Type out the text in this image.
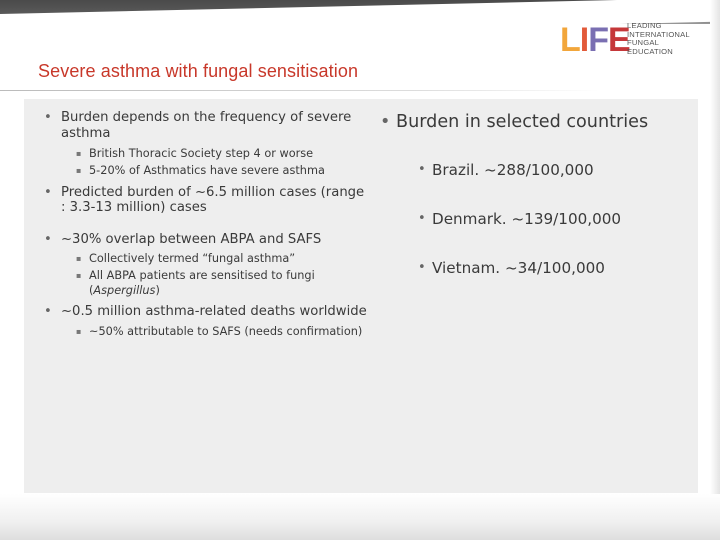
LIFE
LEADING
INTERNATIONAL
FUNGAL
EDUCATION
Severe asthma with fungal sensitisation
• Burden depends on the frequency of severe asthma
▪ British Thoracic Society step 4 or worse
▪ 5-20% of Asthmatics have severe asthma
• Predicted burden of ~6.5 million cases (range : 3.3-13 million) cases
• ~30% overlap between ABPA and SAFS
▪ Collectively termed “fungal asthma”
▪ All ABPA patients are sensitised to fungi (Aspergillus)
• ~0.5 million asthma-related deaths worldwide
▪ ~50% attributable to SAFS (needs confirmation)
• Burden in selected countries
• Brazil. ~288/100,000
• Denmark. ~139/100,000
• Vietnam. ~34/100,000
